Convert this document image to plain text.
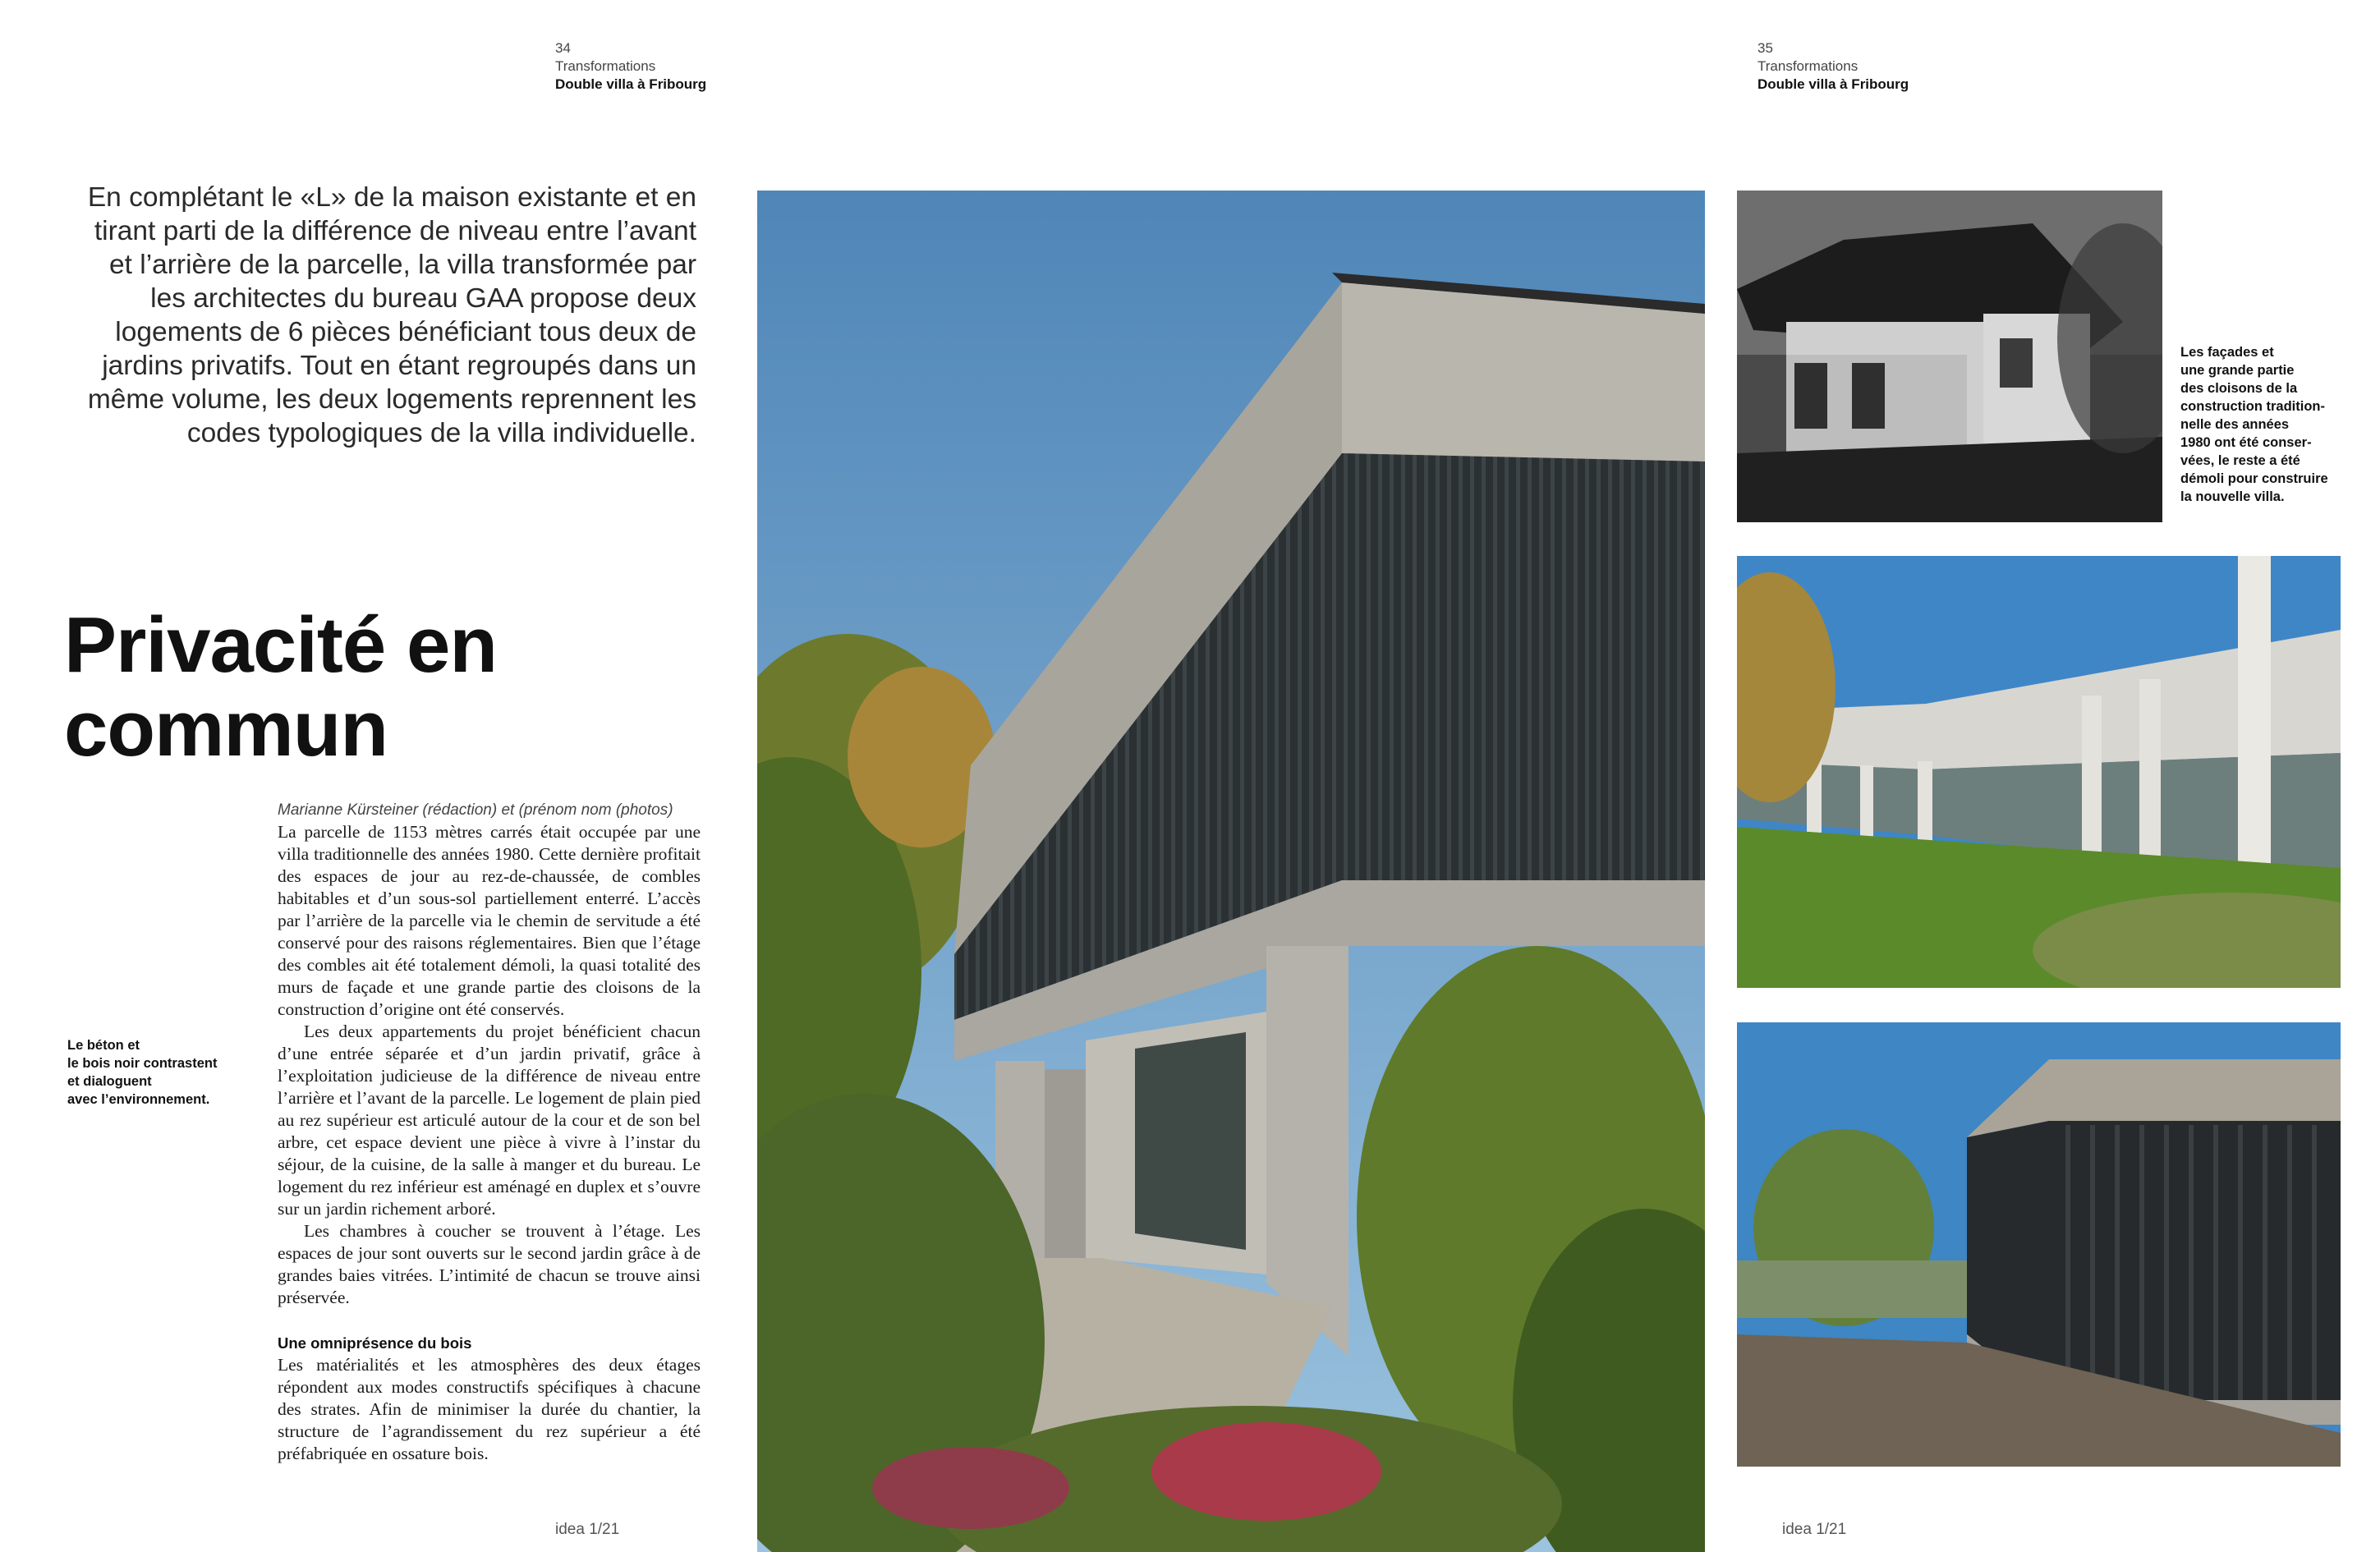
34
Transformations
Double villa à Fribourg
En complétant le «L» de la maison existante et en tirant parti de la différence de niveau entre l’avant et l’arrière de la parcelle, la villa transformée par les architectes du bureau GAA propose deux logements de 6 pièces bénéficiant tous deux de jardins privatifs. Tout en étant regroupés dans un même volume, les deux logements reprennent les codes typologiques de la villa individuelle.
Privacité en
commun
Marianne Kürsteiner (rédaction) et (prénom nom (photos)

La parcelle de 1153 mètres carrés était occupée par une villa traditionnelle des années 1980. Cette dernière profitait des espaces de jour au rez-de-chaussée, de combles habitables et d’un sous-sol partiellement enterré. L’accès par l’arrière de la parcelle via le chemin de servitude a été conservé pour des raisons réglementaires. Bien que l’étage des combles ait été totalement démoli, la quasi totalité des murs de façade et une grande partie des cloisons de la construction d’origine ont été conservés.

Les deux appartements du projet bénéficient chacun d’une entrée séparée et d’un jardin privatif, grâce à l’exploitation judicieuse de la différence de niveau entre l’arrière et l’avant de la parcelle. Le logement de plain pied au rez supérieur est articulé autour de la cour et de son bel arbre, cet espace devient une pièce à vivre à l’instar du séjour, de la cuisine, de la salle à manger et du bureau. Le logement du rez inférieur est aménagé en duplex et s’ouvre sur un jardin richement arboré.

Les chambres à coucher se trouvent à l’étage. Les espaces de jour sont ouverts sur le second jardin grâce à de grandes baies vitrées. L’intimité de chacun se trouve ainsi préservée.

Une omniprésence du bois

Les matérialités et les atmosphères des deux étages répondent aux modes constructifs spécifiques à chacune des strates. Afin de minimiser la durée du chantier, la structure de l’agrandissement du rez supérieur a été préfabriquée en ossature bois.

Le béton et
le bois noir contrastent
et dialoguent
avec l’environnement.
idea 1/21
35
Transformations
Double villa à Fribourg
Les façades et
une grande partie
des cloisons de la
construction tradition-
nelle des années
1980 ont été conser-
vées, le reste a été
démoli pour construire
la nouvelle villa.
idea 1/21
